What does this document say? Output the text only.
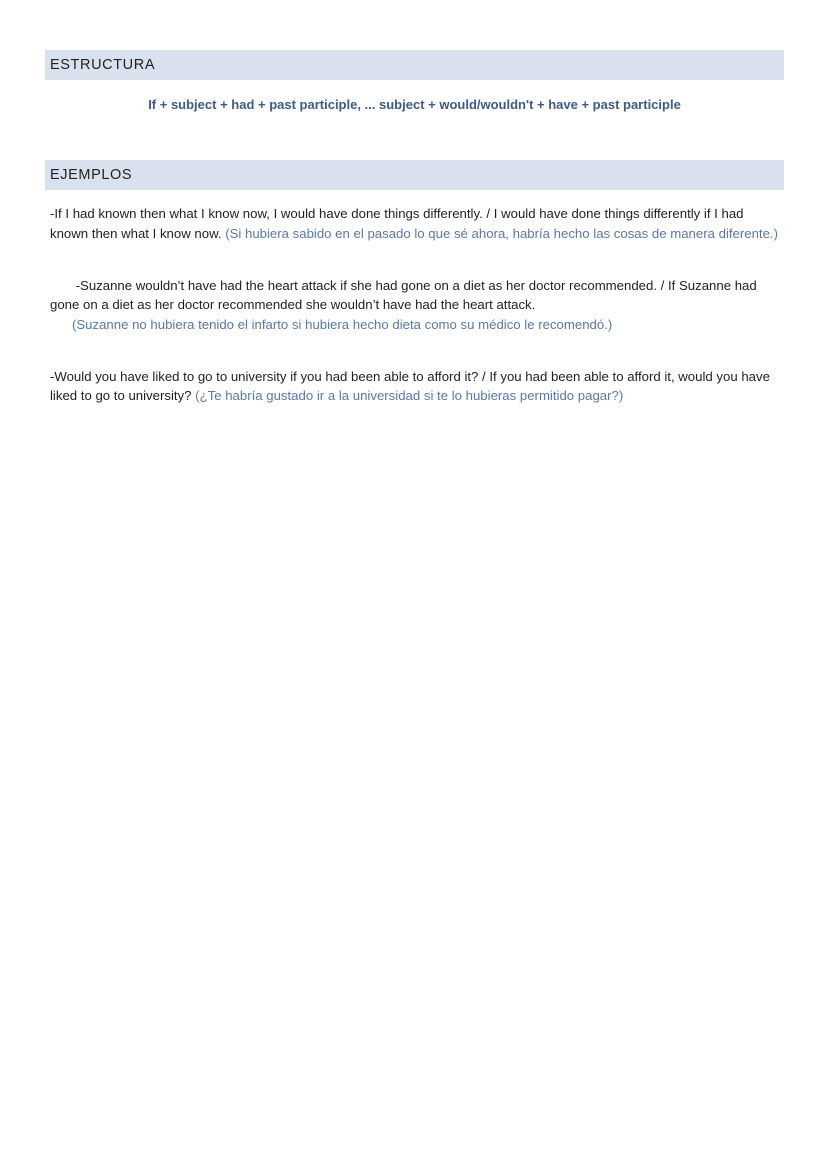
ESTRUCTURA
If + subject + had + past participle, ... subject + would/wouldn't + have + past participle
EJEMPLOS

-If I had known then what I know now, I would have done things differently. / I would have done things differently if I had known then what I know now. (Si hubiera sabido en el pasado lo que sé ahora, habría hecho las cosas de manera diferente.)

-Suzanne wouldn’t have had the heart attack if she had gone on a diet as her doctor recommended. / If Suzanne had gone on a diet as her doctor recommended she wouldn’t have had the heart attack.
(Suzanne no hubiera tenido el infarto si hubiera hecho dieta como su médico le recomendó.)

-Would you have liked to go to university if you had been able to afford it? / If you had been able to afford it, would you have liked to go to university? (¿Te habría gustado ir a la universidad si te lo hubieras permitido pagar?)
